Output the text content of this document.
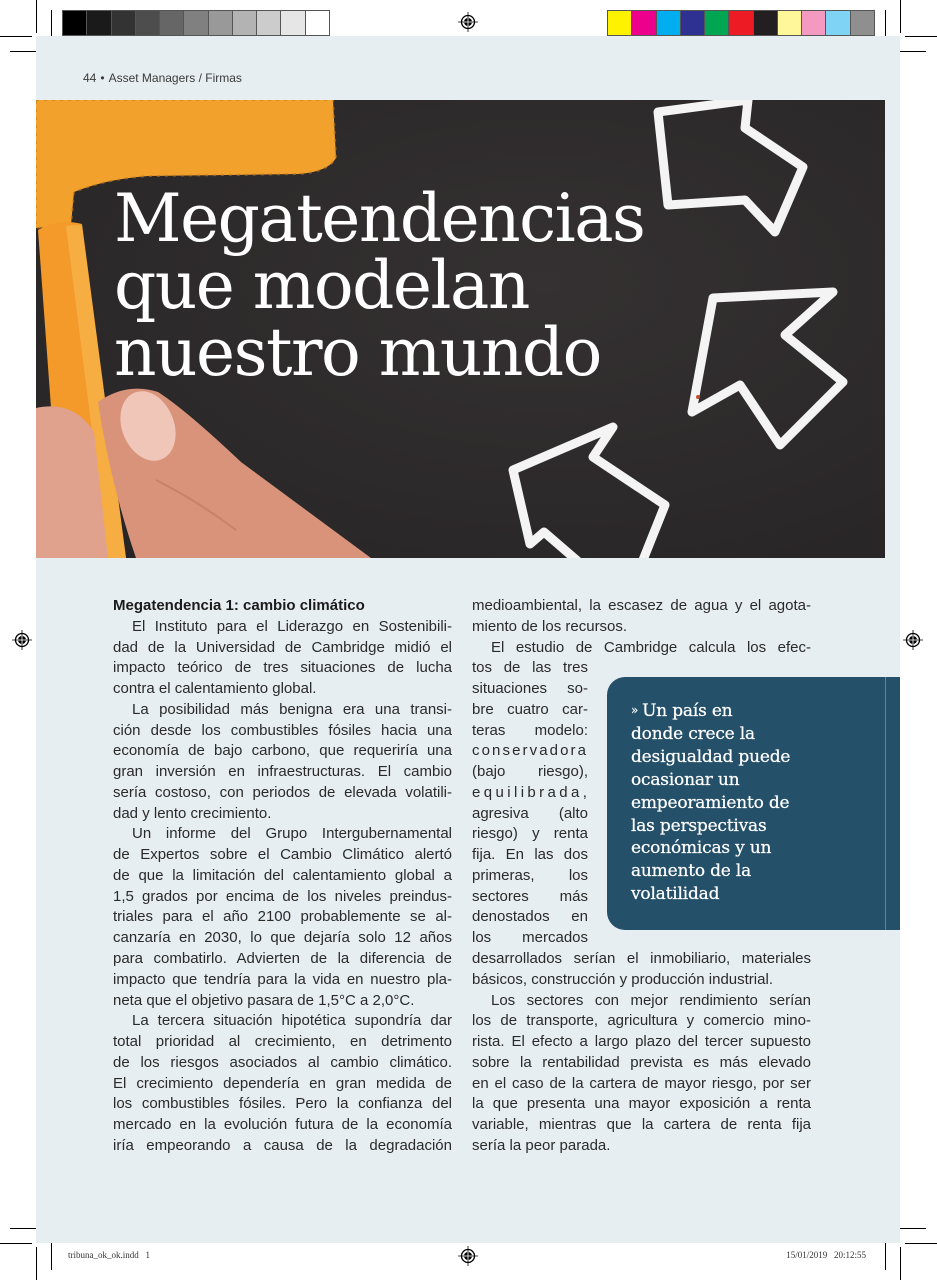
44 • Asset Managers / Firmas
Megatendencias
que modelan
nuestro mundo
Megatendencia 1: cambio climático
El Instituto para el Liderazgo en Sostenibili-
dad de la Universidad de Cambridge midió el
impacto teórico de tres situaciones de lucha
contra el calentamiento global.
La posibilidad más benigna era una transi-
ción desde los combustibles fósiles hacia una
economía de bajo carbono, que requeriría una
gran inversión en infraestructuras. El cambio
sería costoso, con periodos de elevada volatili-
dad y lento crecimiento.
Un informe del Grupo Intergubernamental
de Expertos sobre el Cambio Climático alertó
de que la limitación del calentamiento global a
1,5 grados por encima de los niveles preindus-
triales para el año 2100 probablemente se al-
canzaría en 2030, lo que dejaría solo 12 años
para combatirlo. Advierten de la diferencia de
impacto que tendría para la vida en nuestro pla-
neta que el objetivo pasara de 1,5°C a 2,0°C.
La tercera situación hipotética supondría dar
total prioridad al crecimiento, en detrimento
de los riesgos asociados al cambio climático.
El crecimiento dependería en gran medida de
los combustibles fósiles. Pero la confianza del
mercado en la evolución futura de la economía
iría empeorando a causa de la degradación
medioambiental, la escasez de agua y el agota-
miento de los recursos.
El estudio de Cambridge calcula los efec-
tos de las tres
situaciones so-
bre cuatro car-
teras modelo:
conservadora
(bajo riesgo),
equilibrada,
agresiva (alto
riesgo) y renta
fija. En las dos
primeras, los
sectores más
denostados en
los mercados
desarrollados serían el inmobiliario, materiales
básicos, construcción y producción industrial.
Los sectores con mejor rendimiento serían
los de transporte, agricultura y comercio mino-
rista. El efecto a largo plazo del tercer supuesto
sobre la rentabilidad prevista es más elevado
en el caso de la cartera de mayor riesgo, por ser
la que presenta una mayor exposición a renta
variable, mientras que la cartera de renta fija
sería la peor parada.
» Un país en
donde crece la
desigualdad puede
ocasionar un
empeoramiento de
las perspectivas
económicas y un
aumento de la
volatilidad
tribuna_ok_ok.indd   1	15/01/2019   20:12:55
